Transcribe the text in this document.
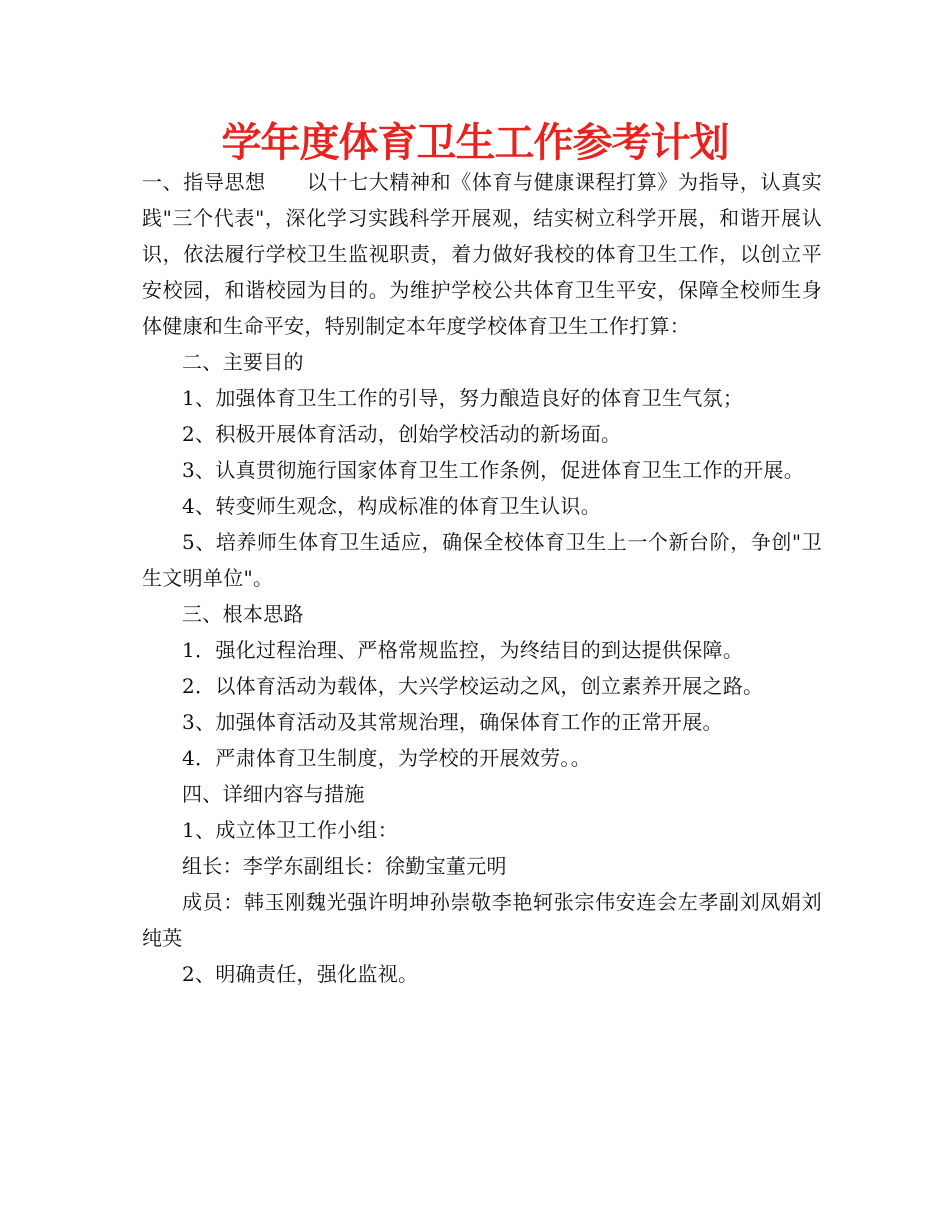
学年度体育卫生工作参考计划

一、指导思想　　以十七大精神和《体育与健康课程打算》为指导，认真实践"三个代表"，深化学习实践科学开展观，结实树立科学开展，和谐开展认识，依法履行学校卫生监视职责，着力做好我校的体育卫生工作，以创立平安校园，和谐校园为目的。为维护学校公共体育卫生平安，保障全校师生身体健康和生命平安，特别制定本年度学校体育卫生工作打算：

二、主要目的

1、加强体育卫生工作的引导，努力酿造良好的体育卫生气氛；

2、积极开展体育活动，创始学校活动的新场面。

3、认真贯彻施行国家体育卫生工作条例，促进体育卫生工作的开展。

4、转变师生观念，构成标准的体育卫生认识。

5、培养师生体育卫生适应，确保全校体育卫生上一个新台阶，争创"卫生文明单位"。

三、根本思路

1．强化过程治理、严格常规监控，为终结目的到达提供保障。

2．以体育活动为载体，大兴学校运动之风，创立素养开展之路。

3、加强体育活动及其常规治理，确保体育工作的正常开展。

4．严肃体育卫生制度，为学校的开展效劳。。

四、详细内容与措施

1、成立体卫工作小组：

组长：李学东副组长：徐勤宝董元明

成员：韩玉刚魏光强许明坤孙崇敬李艳轲张宗伟安连会左孝副刘凤娟刘纯英

2、明确责任，强化监视。
